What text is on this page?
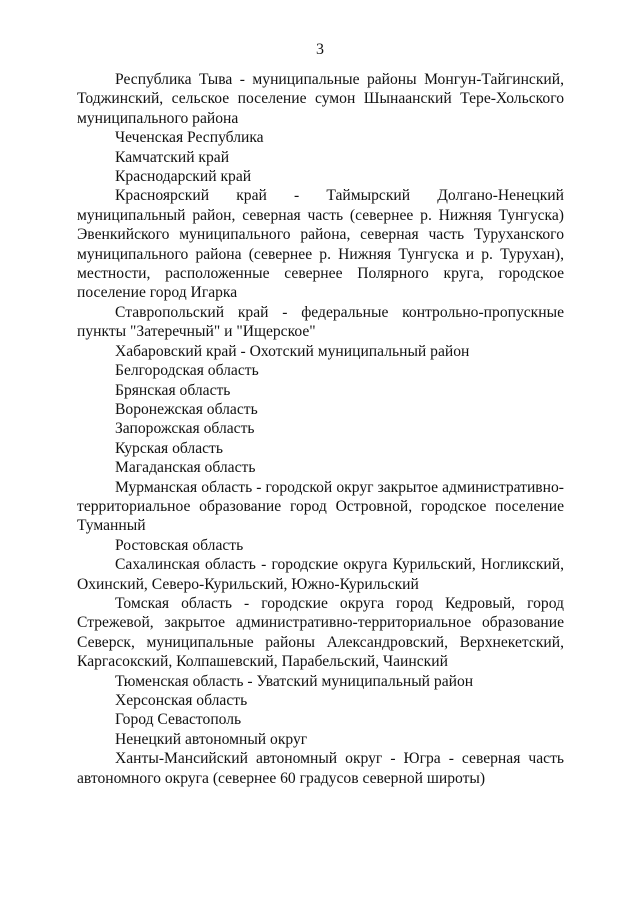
3

Республика Тыва - муниципальные районы Монгун-Тайгинский, Тоджинский, сельское поселение сумон Шынаанский Тере-Хольского муниципального района

Чеченская Республика

Камчатский край

Краснодарский край

Красноярский край - Таймырский Долгано-Ненецкий муниципальный район, северная часть (севернее р. Нижняя Тунгуска) Эвенкийского муниципального района, северная часть Туруханского муниципального района (севернее р. Нижняя Тунгуска и р. Турухан), местности, расположенные севернее Полярного круга, городское поселение город Игарка

Ставропольский край - федеральные контрольно-пропускные пункты "Затеречный" и "Ищерское"

Хабаровский край - Охотский муниципальный район

Белгородская область

Брянская область

Воронежская область

Запорожская область

Курская область

Магаданская область

Мурманская область - городской округ закрытое административно-территориальное образование город Островной, городское поселение Туманный

Ростовская область

Сахалинская область - городские округа Курильский, Ногликский, Охинский, Северо-Курильский, Южно-Курильский

Томская область - городские округа город Кедровый, город Стрежевой, закрытое административно-территориальное образование Северск, муниципальные районы Александровский, Верхнекетский, Каргасокский, Колпашевский, Парабельский, Чаинский

Тюменская область - Уватский муниципальный район

Херсонская область

Город Севастополь

Ненецкий автономный округ

Ханты-Мансийский автономный округ - Югра - северная часть автономного округа (севернее 60 градусов северной широты)
